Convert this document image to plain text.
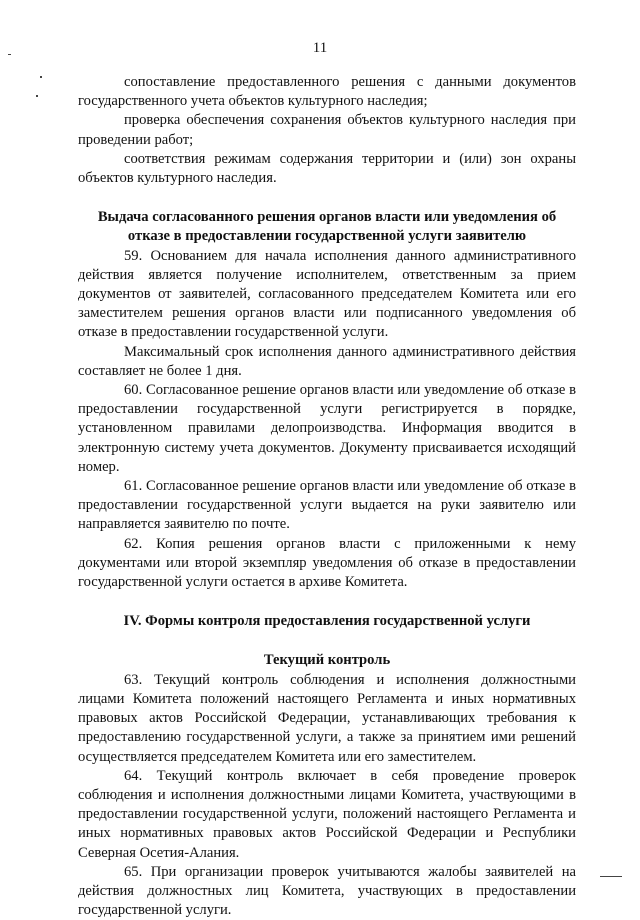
11

сопоставление предоставленного решения с данными документов государственного учета объектов культурного наследия;

проверка обеспечения сохранения объектов культурного наследия при проведении работ;

соответствия режимам содержания территории и (или) зон охраны объектов культурного наследия.

Выдача согласованного решения органов власти или уведомления об отказе в предоставлении государственной услуги заявителю

59. Основанием для начала исполнения данного административного действия является получение исполнителем, ответственным за прием документов от заявителей, согласованного председателем Комитета или его заместителем решения органов власти или подписанного уведомления об отказе в предоставлении государственной услуги.

Максимальный срок исполнения данного административного действия составляет не более 1 дня.

60. Согласованное решение органов власти или уведомление об отказе в предоставлении государственной услуги регистрируется в порядке, установленном правилами делопроизводства. Информация вводится в электронную систему учета документов. Документу присваивается исходящий номер.

61. Согласованное решение органов власти или уведомление об отказе в предоставлении государственной услуги выдается на руки заявителю или направляется заявителю по почте.

62. Копия решения органов власти с приложенными к нему документами или второй экземпляр уведомления об отказе в предоставлении государственной услуги остается в архиве Комитета.

IV. Формы контроля предоставления государственной услуги

Текущий контроль

63. Текущий контроль соблюдения и исполнения должностными лицами Комитета положений настоящего Регламента и иных нормативных правовых актов Российской Федерации, устанавливающих требования к предоставлению государственной услуги, а также за принятием ими решений осуществляется председателем Комитета или его заместителем.

64. Текущий контроль включает в себя проведение проверок соблюдения и исполнения должностными лицами Комитета, участвующими в предоставлении государственной услуги, положений настоящего Регламента и иных нормативных правовых актов Российской Федерации и Республики Северная Осетия-Алания.

65. При организации проверок учитываются жалобы заявителей на действия должностных лиц Комитета, участвующих в предоставлении государственной услуги.
